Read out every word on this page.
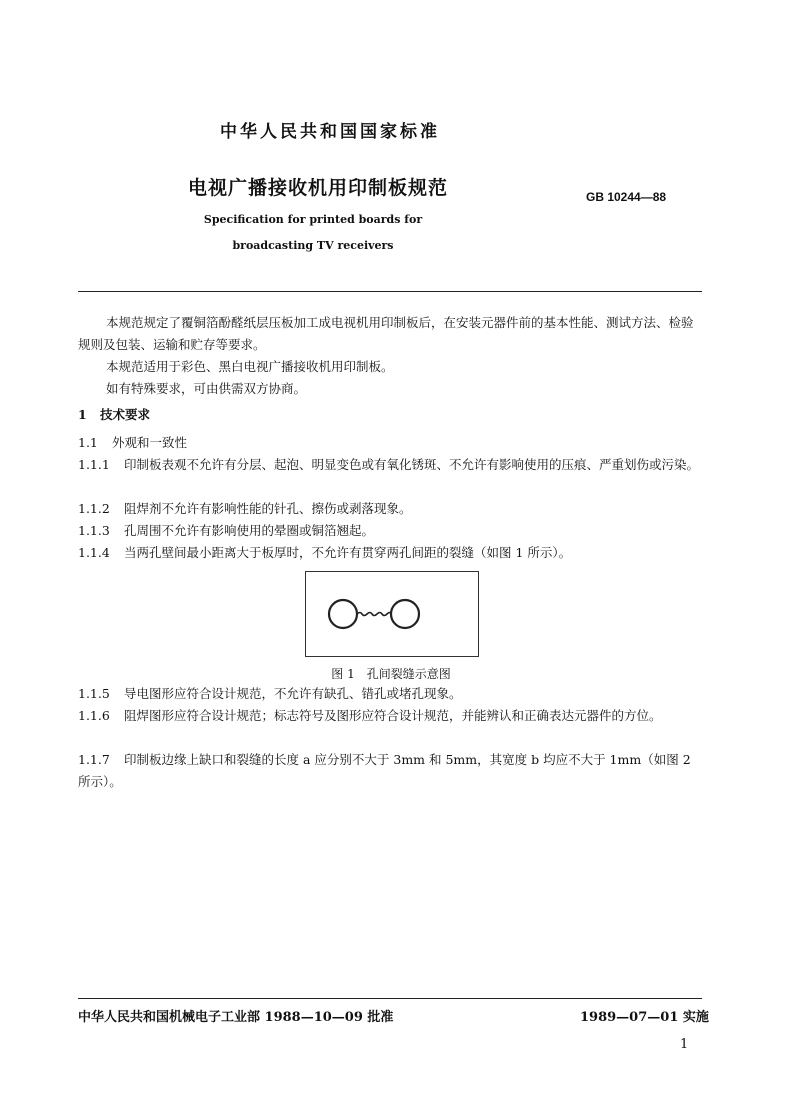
中华人民共和国国家标准
电视广播接收机用印制板规范	GB 10244—88
Specification for printed boards for
broadcasting TV receivers
本规范规定了覆铜箔酚醛纸层压板加工成电视机用印制板后，在安装元器件前的基本性能、测试方法、检验规则及包装、运输和贮存等要求。
本规范适用于彩色、黑白电视广播接收机用印制板。
如有特殊要求，可由供需双方协商。
1 技术要求
1.1 外观和一致性
1.1.1 印制板表观不允许有分层、起泡、明显变色或有氧化锈斑、不允许有影响使用的压痕、严重划伤或污染。
1.1.2 阻焊剂不允许有影响性能的针孔、擦伤或剥落现象。
1.1.3 孔周围不允许有影响使用的晕圈或铜箔翘起。
1.1.4 当两孔壁间最小距离大于板厚时，不允许有贯穿两孔间距的裂缝（如图 1 所示）。
图 1　孔间裂缝示意图
1.1.5 导电图形应符合设计规范，不允许有缺孔、错孔或堵孔现象。
1.1.6 阻焊图形应符合设计规范；标志符号及图形应符合设计规范，并能辨认和正确表达元器件的方位。
1.1.7 印制板边缘上缺口和裂缝的长度 a 应分别不大于 3mm 和 5mm，其宽度 b 均应不大于 1mm（如图 2 所示）。
中华人民共和国机械电子工业部 1988—10—09 批准	1989—07—01 实施
1
